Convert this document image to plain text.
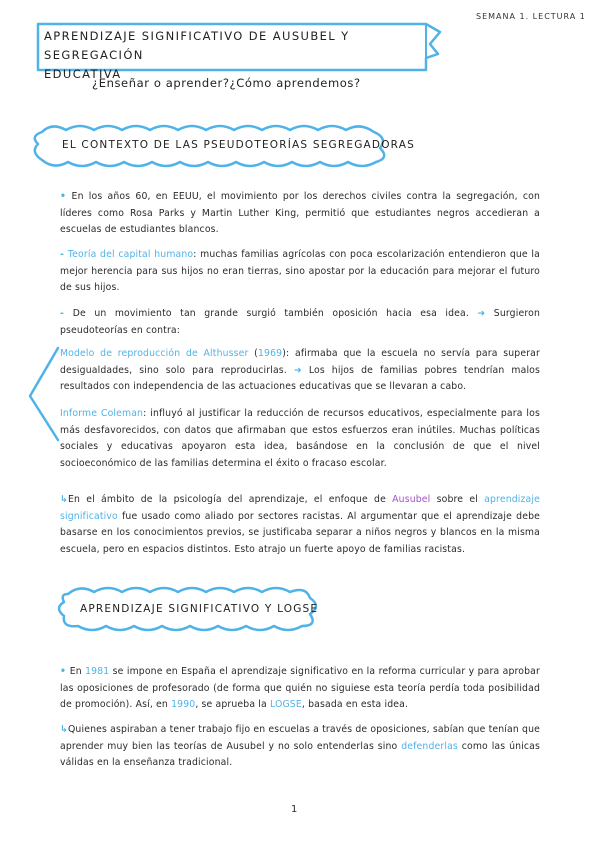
SEMANA 1. LECTURA 1
APRENDIZAJE SIGNIFICATIVO DE AUSUBEL Y SEGREGACIÓN
EDUCATIVA
¿Enseñar o aprender?¿Cómo aprendemos?
EL CONTEXTO DE LAS PSEUDOTEORÍAS SEGREGADORAS

• En los años 60, en EEUU, el movimiento por los derechos civiles contra la segregación, con líderes como Rosa Parks y Martin Luther King, permitió que estudiantes negros accedieran a escuelas de estudiantes blancos.

- Teoría del capital humano: muchas familias agrícolas con poca escolarización entendieron que la mejor herencia para sus hijos no eran tierras, sino apostar por la educación para mejorar el futuro de sus hijos.

- De un movimiento tan grande surgió también oposición hacia esa idea. ➜ Surgieron pseudoteorías en contra:

Modelo de reproducción de Althusser (1969): afirmaba que la escuela no servía para superar desigualdades, sino solo para reproducirlas. ➜ Los hijos de familias pobres tendrían malos resultados con independencia de las actuaciones educativas que se llevaran a cabo.

Informe Coleman: influyó al justificar la reducción de recursos educativos, especialmente para los más desfavorecidos, con datos que afirmaban que estos esfuerzos eran inútiles. Muchas políticas sociales y educativas apoyaron esta idea, basándose en la conclusión de que el nivel socioeconómico de las familias determina el éxito o fracaso escolar.

↳En el ámbito de la psicología del aprendizaje, el enfoque de Ausubel sobre el aprendizaje significativo fue usado como aliado por sectores racistas. Al argumentar que el aprendizaje debe basarse en los conocimientos previos, se justificaba separar a niños negros y blancos en la misma escuela, pero en espacios distintos. Esto atrajo un fuerte apoyo de familias racistas.

APRENDIZAJE SIGNIFICATIVO Y LOGSE

• En 1981 se impone en España el aprendizaje significativo en la reforma curricular y para aprobar las oposiciones de profesorado (de forma que quién no siguiese esta teoría perdía toda posibilidad de promoción). Así, en 1990, se aprueba la LOGSE, basada en esta idea.

↳Quienes aspiraban a tener trabajo fijo en escuelas a través de oposiciones, sabían que tenían que aprender muy bien las teorías de Ausubel y no solo entenderlas sino defenderlas como las únicas válidas en la enseñanza tradicional.

1
